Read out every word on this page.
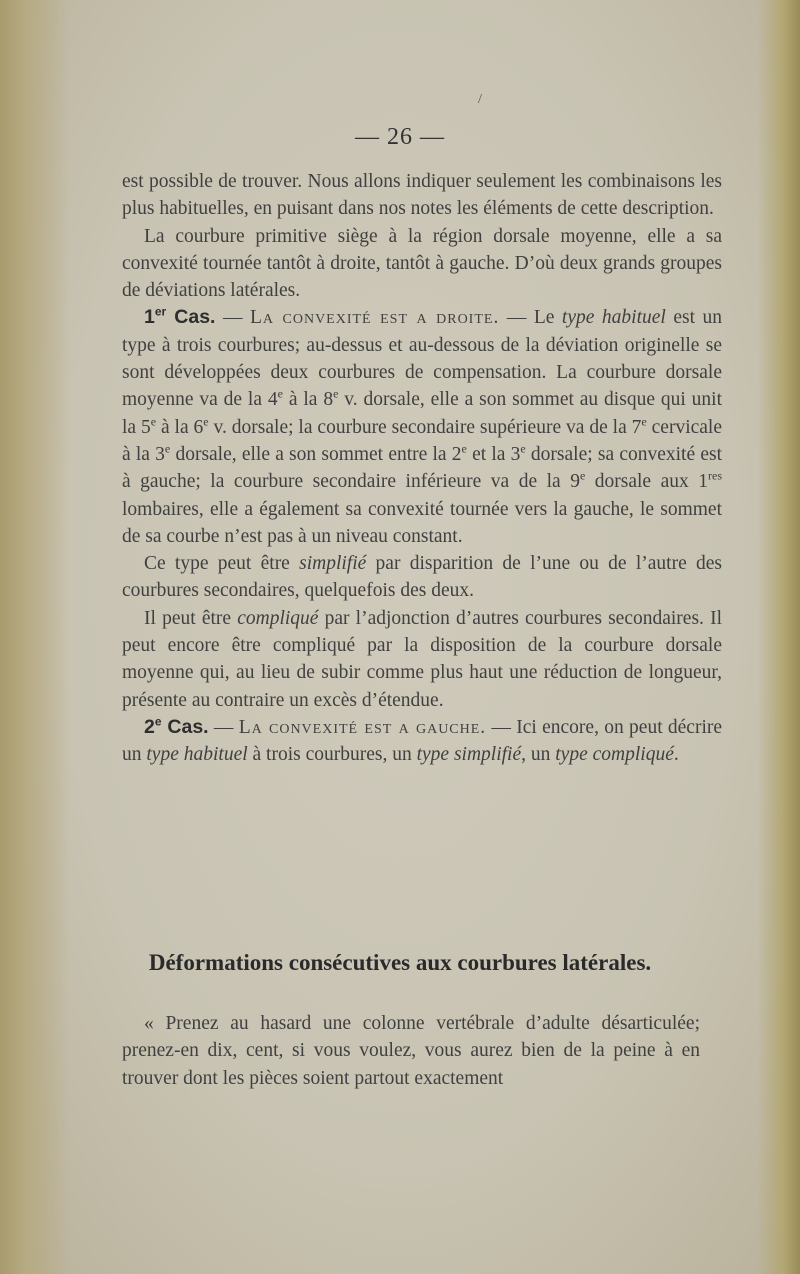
/
— 26 —

est possible de trouver. Nous allons indiquer seulement les combinaisons les plus habituelles, en puisant dans nos notes les éléments de cette description.

La courbure primitive siège à la région dorsale moyenne, elle a sa convexité tournée tantôt à droite, tantôt à gauche. D’où deux grands groupes de déviations latérales.

1er Cas. — La convexité est a droite. — Le type habituel est un type à trois courbures; au-dessus et au-dessous de la déviation originelle se sont développées deux courbures de compensation. La courbure dorsale moyenne va de la 4e à la 8e v. dorsale, elle a son sommet au disque qui unit la 5e à la 6e v. dorsale; la courbure secondaire supérieure va de la 7e cervicale à la 3e dorsale, elle a son sommet entre la 2e et la 3e dorsale; sa convexité est à gauche; la courbure secondaire inférieure va de la 9e dorsale aux 1res lombaires, elle a également sa convexité tournée vers la gauche, le sommet de sa courbe n’est pas à un niveau constant.

Ce type peut être simplifié par disparition de l’une ou de l’autre des courbures secondaires, quelquefois des deux.

Il peut être compliqué par l’adjonction d’autres courbures secondaires. Il peut encore être compliqué par la disposition de la courbure dorsale moyenne qui, au lieu de subir comme plus haut une réduction de longueur, présente au contraire un excès d’étendue.

2e Cas. — La convexité est a gauche. — Ici encore, on peut décrire un type habituel à trois courbures, un type simplifié, un type compliqué.

Déformations consécutives aux courbures latérales.

« Prenez au hasard une colonne vertébrale d’adulte désarticulée; prenez-en dix, cent, si vous voulez, vous aurez bien de la peine à en trouver dont les pièces soient partout exactement
